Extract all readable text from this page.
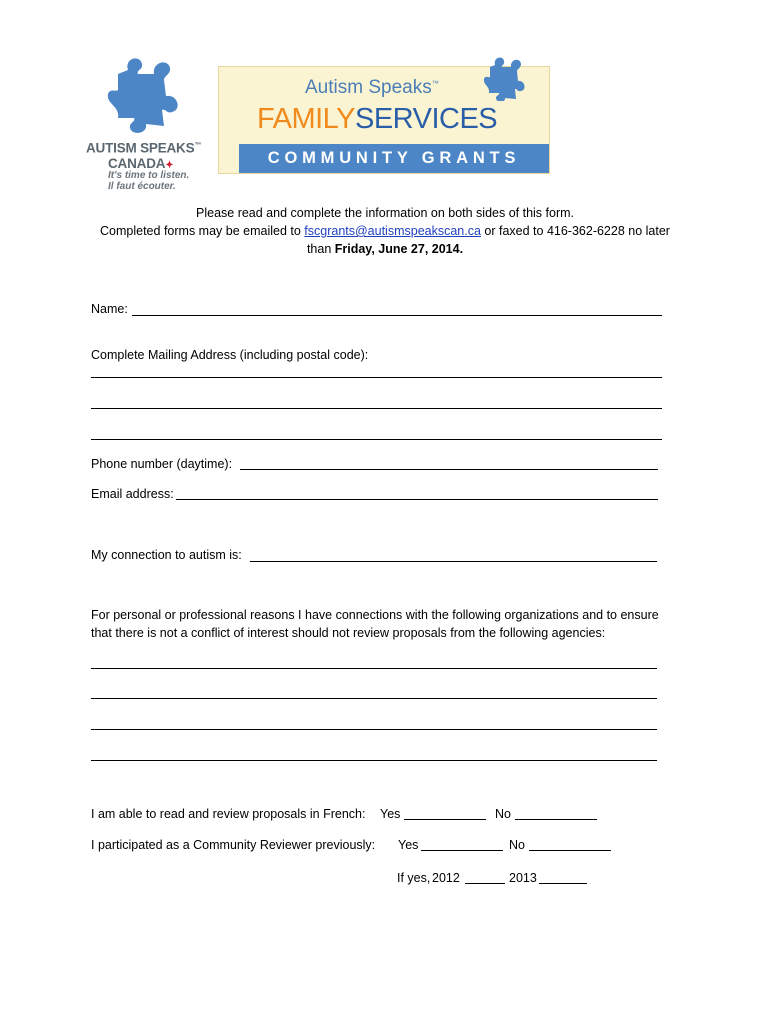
AUTISM SPEAKS™
CANADA✦
It's time to listen.
Il faut écouter.
Autism Speaks™
FAMILYSERVICES
COMMUNITY GRANTS
Please read and complete the information on both sides of this form.
Completed forms may be emailed to fscgrants@autismspeakscan.ca or faxed to 416-362-6228 no later
than Friday, June 27, 2014.
Name:
Complete Mailing Address (including postal code):
Phone number (daytime):
Email address:
My connection to autism is:
For personal or professional reasons I have connections with the following organizations and to ensure
that there is not a conflict of interest should not review proposals from the following agencies:
I am able to read and review proposals in French: Yes	No
I participated as a Community Reviewer previously: Yes	No
If yes, 2012	2013
